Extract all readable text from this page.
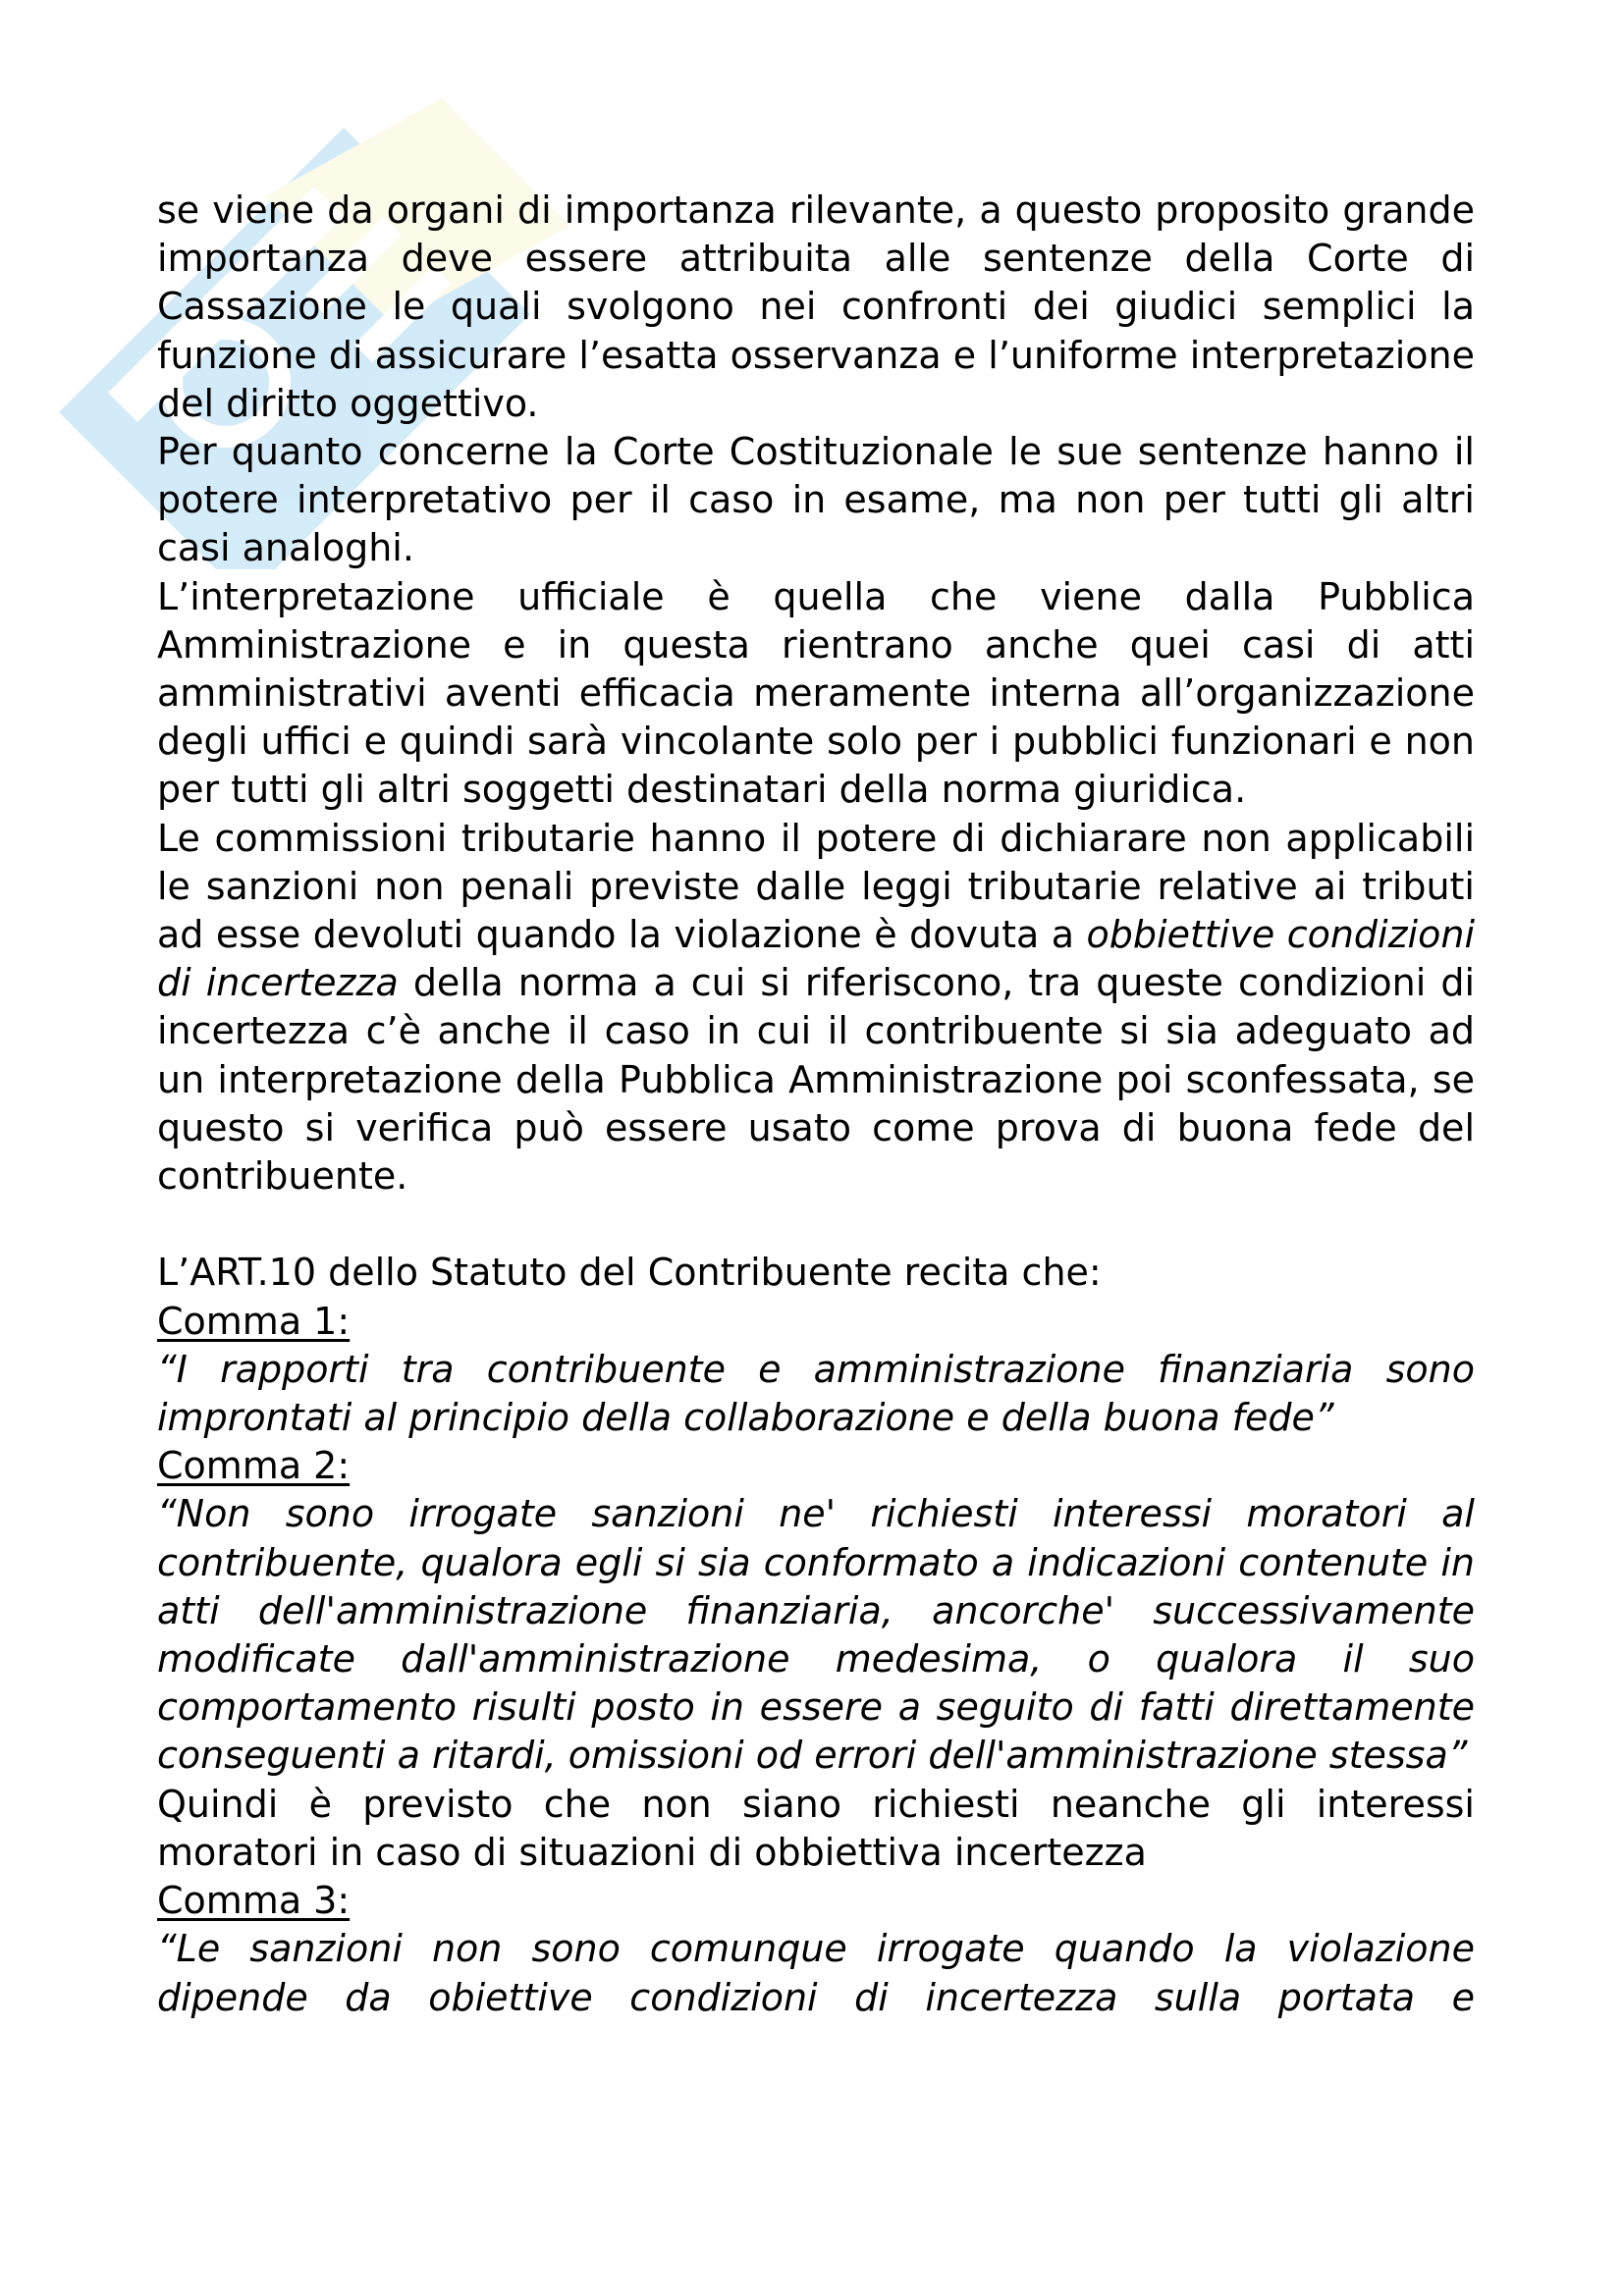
se viene da organi di importanza rilevante, a questo proposito grande importanza deve essere attribuita alle sentenze della Corte di Cassazione le quali svolgono nei confronti dei giudici semplici la funzione di assicurare l’esatta osservanza e l’uniforme interpretazione del diritto oggettivo.

Per quanto concerne la Corte Costituzionale le sue sentenze hanno il potere interpretativo per il caso in esame, ma non per tutti gli altri casi analoghi.

L’interpretazione ufficiale è quella che viene dalla Pubblica Amministrazione e in questa rientrano anche quei casi di atti amministrativi aventi efficacia meramente interna all’organizzazione degli uffici e quindi sarà vincolante solo per i pubblici funzionari e non per tutti gli altri soggetti destinatari della norma giuridica.

Le commissioni tributarie hanno il potere di dichiarare non applicabili le sanzioni non penali previste dalle leggi tributarie relative ai tributi ad esse devoluti quando la violazione è dovuta a obbiettive condizioni di incertezza della norma a cui si riferiscono, tra queste condizioni di incertezza c’è anche il caso in cui il contribuente si sia adeguato ad un interpretazione della Pubblica Amministrazione poi sconfessata, se questo si verifica può essere usato come prova di buona fede del contribuente.

L’ART.10 dello Statuto del Contribuente recita che:

Comma 1:

“I rapporti tra contribuente e amministrazione finanziaria sono improntati al principio della collaborazione e della buona fede”

Comma 2:

“Non sono irrogate sanzioni ne' richiesti interessi moratori al contribuente, qualora egli si sia conformato a indicazioni contenute in atti dell'amministrazione finanziaria, ancorche' successivamente modificate dall'amministrazione medesima, o qualora il suo comportamento risulti posto in essere a seguito di fatti direttamente conseguenti a ritardi, omissioni od errori dell'amministrazione stessa”

Quindi è previsto che non siano richiesti neanche gli interessi moratori in caso di situazioni di obbiettiva incertezza

Comma 3:

“Le sanzioni non sono comunque irrogate quando la violazione dipende da obiettive condizioni di incertezza sulla portata e
